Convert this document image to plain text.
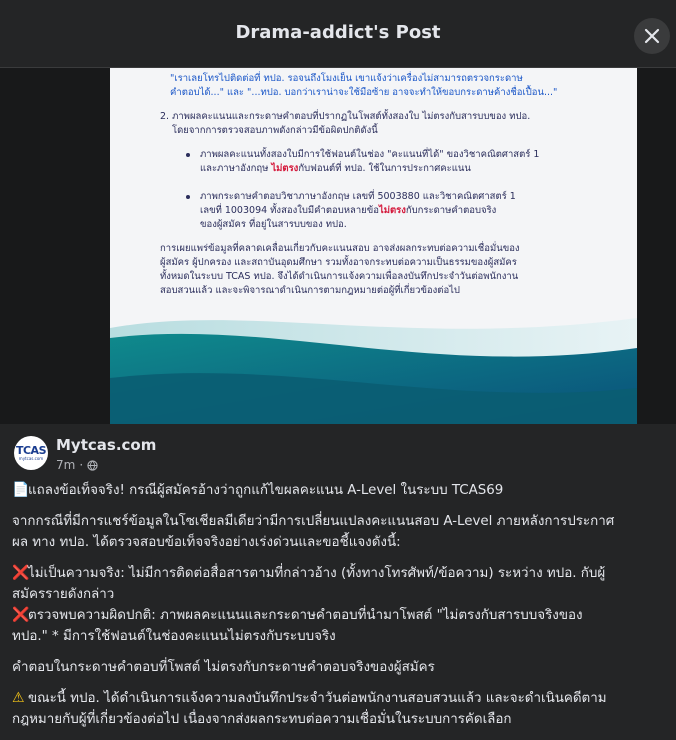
Drama-addict's Post
"เราเลยโทรไปติดต่อที่ ทปอ. รอจนถึงโมงเย็น เขาแจ้งว่าเครื่องไม่สามารถตรวจกระดาษ
คำตอบได้..." และ "...ทปอ. บอกว่าเราน่าจะใช้มือซ้าย อาจจะทำให้ขอบกระดาษค้างชื่อเปื้อน..."
2. ภาพผลคะแนนและกระดาษคำตอบที่ปรากฏในโพสต์ทั้งสองใบ ไม่ตรงกับสารบบของ ทปอ.
โดยจากการตรวจสอบภาพดังกล่าวมีข้อผิดปกติดังนี้
ภาพผลคะแนนทั้งสองใบมีการใช้ฟอนต์ในช่อง "คะแนนที่ได้" ของวิชาคณิตศาสตร์ 1
และภาษาอังกฤษ ไม่ตรงกับฟอนต์ที่ ทปอ. ใช้ในการประกาศคะแนน
ภาพกระดาษคำตอบวิชาภาษาอังกฤษ เลขที่ 5003880 และวิชาคณิตศาสตร์ 1
เลขที่ 1003094 ทั้งสองใบมีคำตอบหลายข้อไม่ตรงกับกระดาษคำตอบจริง
ของผู้สมัคร ที่อยู่ในสารบบของ ทปอ.
การเผยแพร่ข้อมูลที่คลาดเคลื่อนเกี่ยวกับคะแนนสอบ อาจส่งผลกระทบต่อความเชื่อมั่นของ
ผู้สมัคร ผู้ปกครอง และสถาบันอุดมศึกษา รวมทั้งอาจกระทบต่อความเป็นธรรมของผู้สมัคร
ทั้งหมดในระบบ TCAS ทปอ. จึงได้ดำเนินการแจ้งความเพื่อลงบันทึกประจำวันต่อพนักงาน
สอบสวนแล้ว และจะพิจารณาดำเนินการตามกฎหมายต่อผู้ที่เกี่ยวข้องต่อไป
TCAS
mytcas.com
Mytcas.com
7m ·

📄แถลงข้อเท็จจริง! กรณีผู้สมัครอ้างว่าถูกแก้ไขผลคะแนน A-Level ในระบบ TCAS69

จากกรณีที่มีการแชร์ข้อมูลในโซเชียลมีเดียว่ามีการเปลี่ยนแปลงคะแนนสอบ A-Level ภายหลังการประกาศ
ผล ทาง ทปอ. ได้ตรวจสอบข้อเท็จจริงอย่างเร่งด่วนและขอชี้แจงดังนี้:

❌ไม่เป็นความจริง: ไม่มีการติดต่อสื่อสารตามที่กล่าวอ้าง (ทั้งทางโทรศัพท์/ข้อความ) ระหว่าง ทปอ. กับผู้
สมัครรายดังกล่าว
❌ตรวจพบความผิดปกติ: ภาพผลคะแนนและกระดาษคำตอบที่นำมาโพสต์ "ไม่ตรงกับสารบบจริงของ
ทปอ." * มีการใช้ฟอนต์ในช่องคะแนนไม่ตรงกับระบบจริง

คำตอบในกระดาษคำตอบที่โพสต์ ไม่ตรงกับกระดาษคำตอบจริงของผู้สมัคร

⚠ ขณะนี้ ทปอ. ได้ดำเนินการแจ้งความลงบันทึกประจำวันต่อพนักงานสอบสวนแล้ว และจะดำเนินคดีตาม
กฎหมายกับผู้ที่เกี่ยวข้องต่อไป เนื่องจากส่งผลกระทบต่อความเชื่อมั่นในระบบการคัดเลือก
